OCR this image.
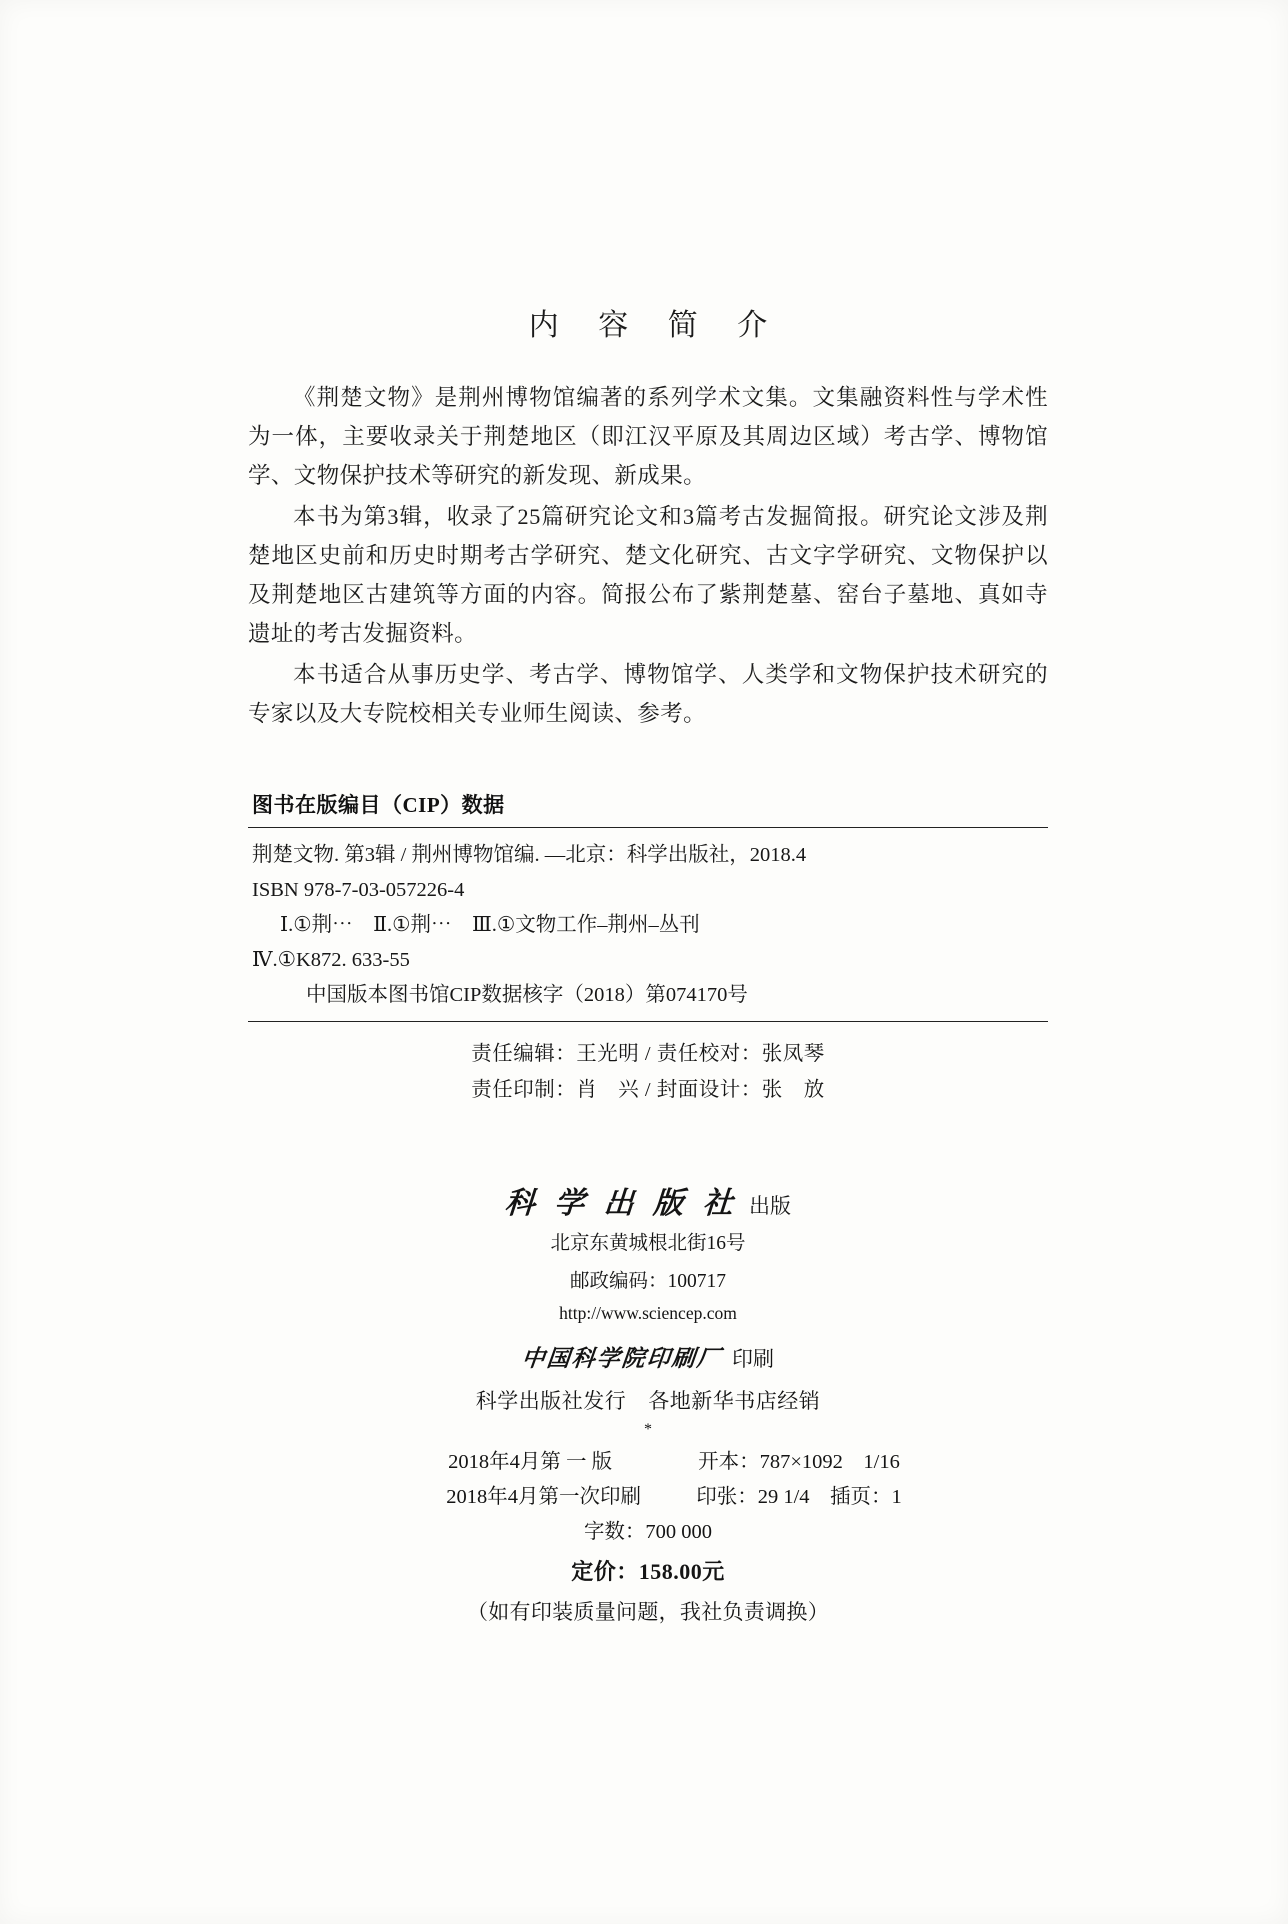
内 容 简 介

《荆楚文物》是荆州博物馆编著的系列学术文集。文集融资料性与学术性为一体，主要收录关于荆楚地区（即江汉平原及其周边区域）考古学、博物馆学、文物保护技术等研究的新发现、新成果。

本书为第3辑，收录了25篇研究论文和3篇考古发掘简报。研究论文涉及荆楚地区史前和历史时期考古学研究、楚文化研究、古文字学研究、文物保护以及荆楚地区古建筑等方面的内容。简报公布了紫荆楚墓、窑台子墓地、真如寺遗址的考古发掘资料。

本书适合从事历史学、考古学、博物馆学、人类学和文物保护技术研究的专家以及大专院校相关专业师生阅读、参考。

图书在版编目（CIP）数据
荆楚文物. 第3辑 / 荆州博物馆编. —北京：科学出版社，2018.4
ISBN 978-7-03-057226-4
Ⅰ.①荆⋯　Ⅱ.①荆⋯　Ⅲ.①文物工作–荆州–丛刊
Ⅳ.①K872. 633-55
中国版本图书馆CIP数据核字（2018）第074170号
责任编辑：王光明 / 责任校对：张凤琴
责任印制：肖　兴 / 封面设计：张　放
科 学 出 版 社 出版
北京东黄城根北街16号
邮政编码：100717
http://www.sciencep.com
中国科学院印刷厂 印刷
科学出版社发行 各地新华书店经销
*
2018年4月第 一 版	开本：787×1092　1/16
2018年4月第一次印刷	印张：29 1/4　插页：1
字数：700 000
定价：158.00元
（如有印装质量问题，我社负责调换）
